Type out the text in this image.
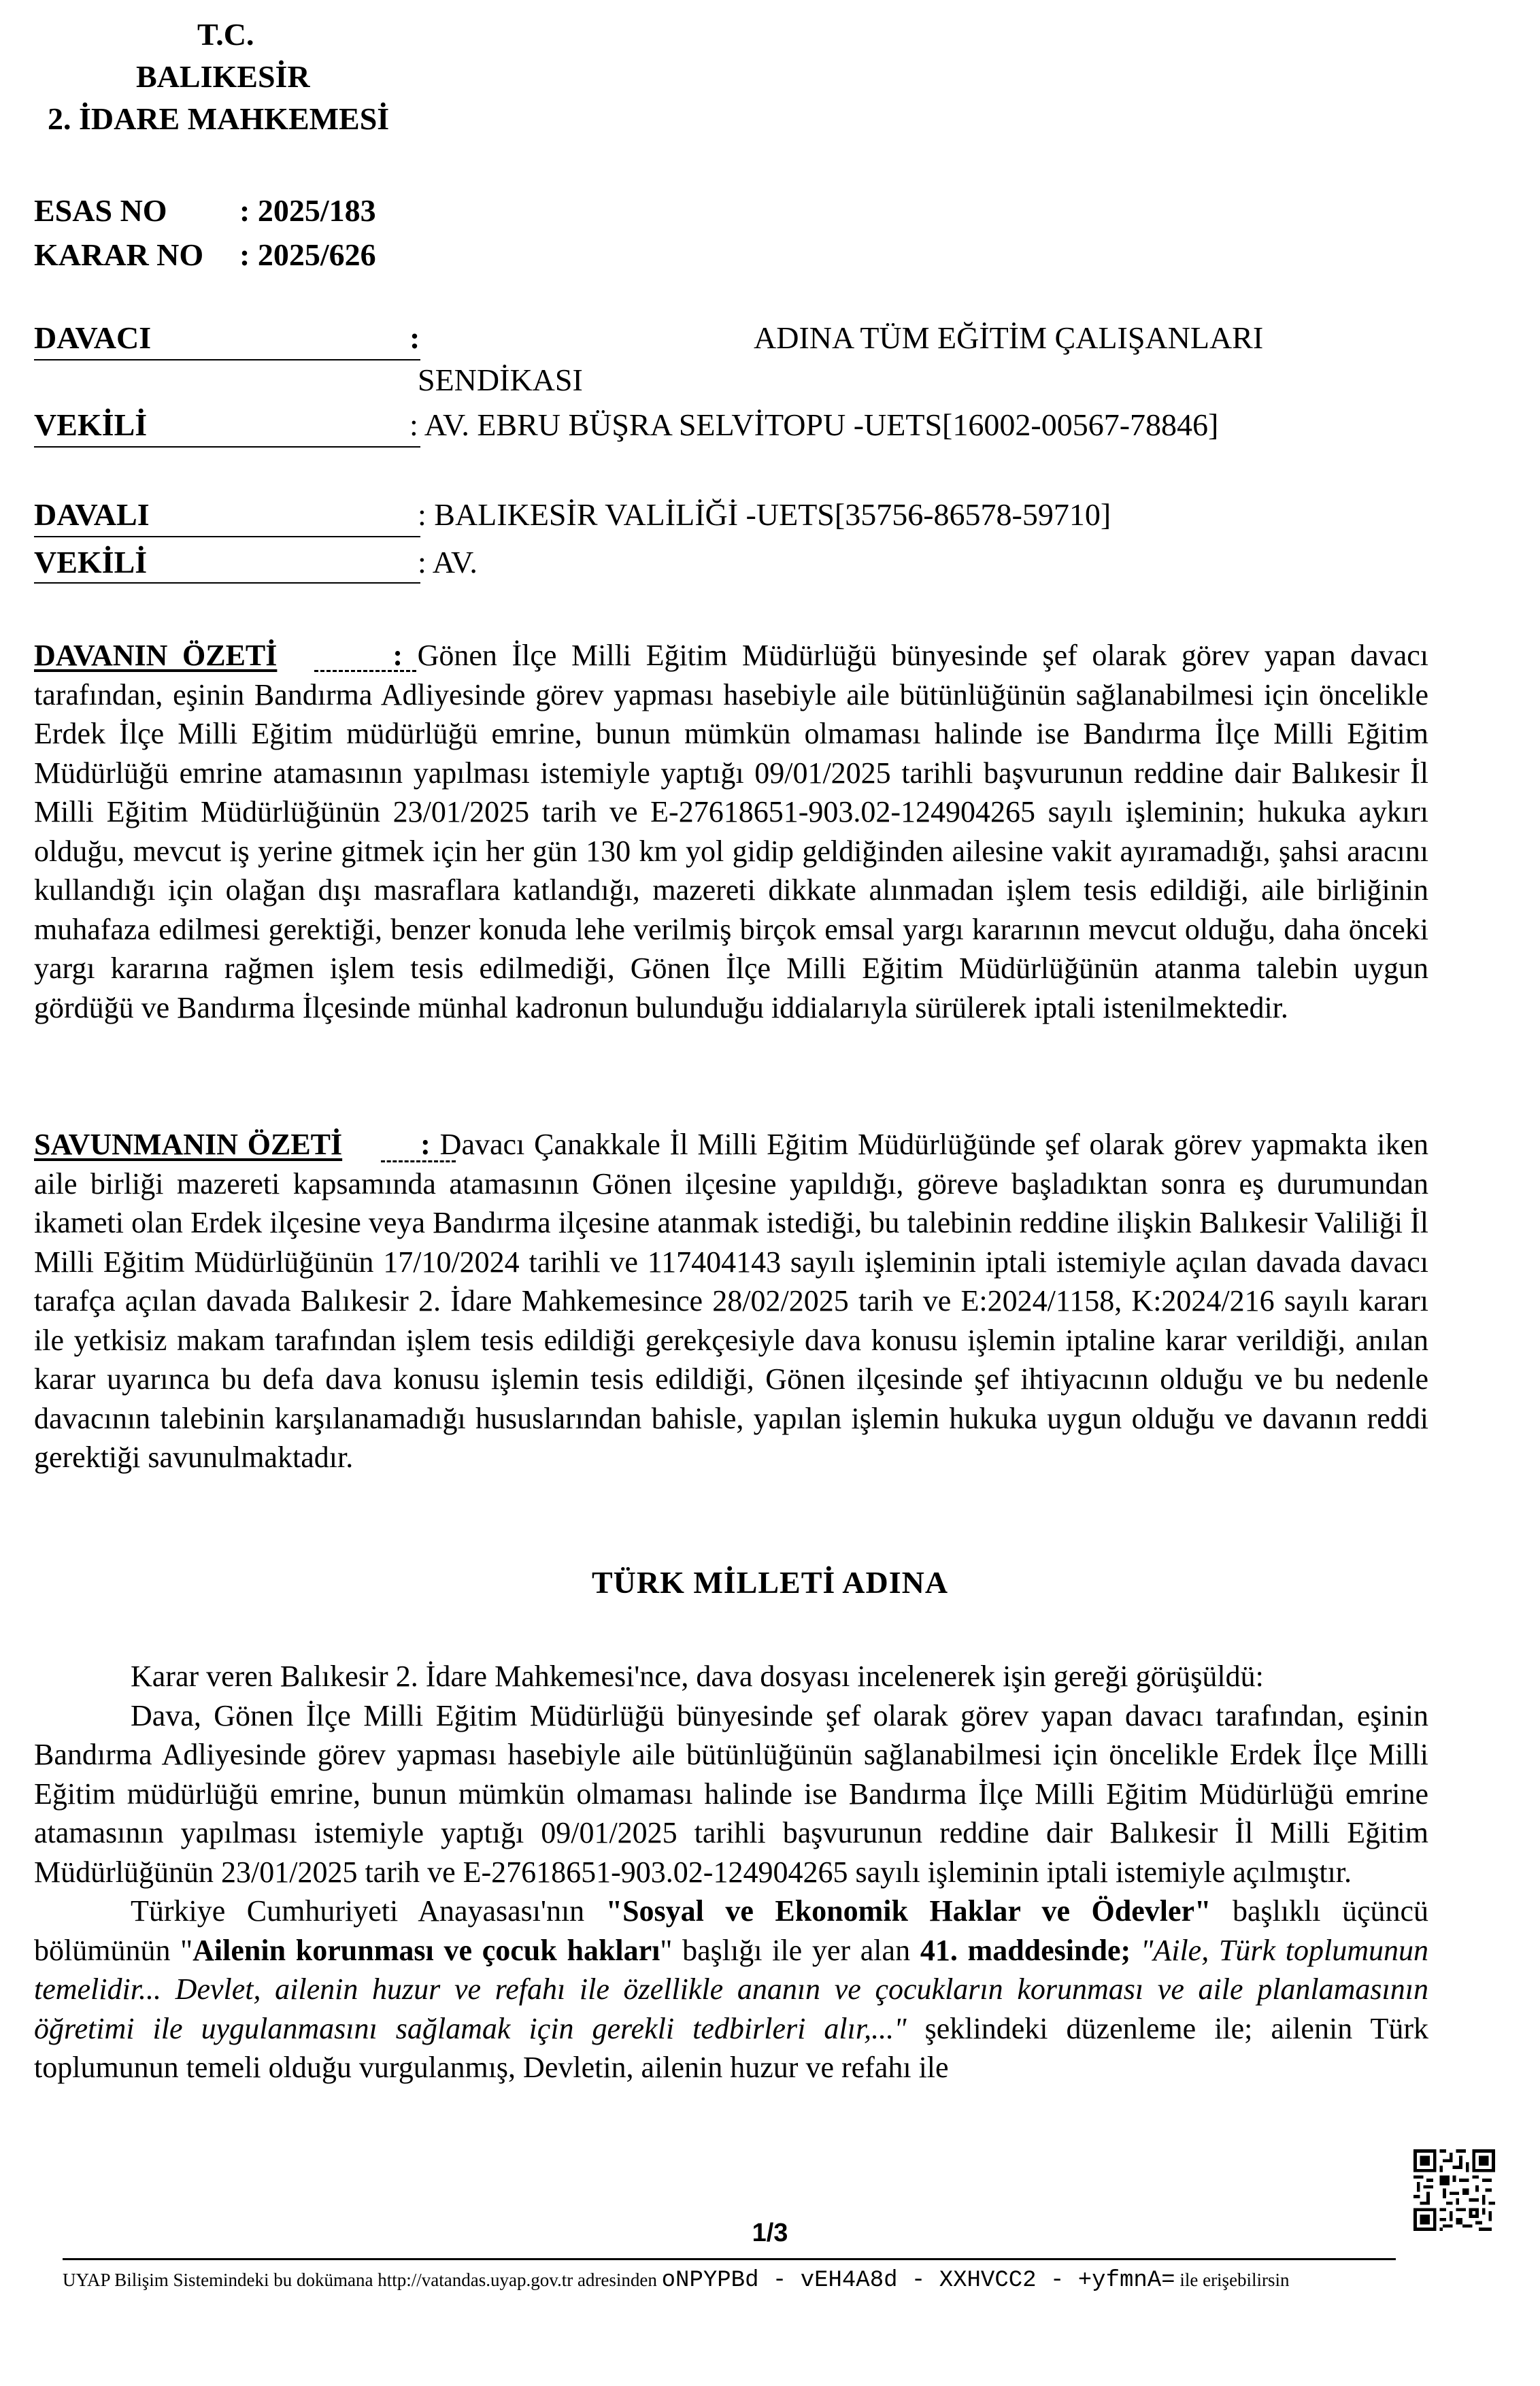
T.C.
BALIKESİR
2. İDARE MAHKEMESİ
ESAS NO : 2025/183
KARAR NO : 2025/626
DAVACI	:	ADINA TÜM EĞİTİM ÇALIŞANLARI
SENDİKASI
VEKİLİ	: AV. EBRU BÜŞRA SELVİTOPU -UETS[16002-00567-78846]
DAVALI	: BALIKESİR VALİLİĞİ -UETS[35756-86578-59710]
VEKİLİ	: AV.

DAVANIN ÖZETİ	: Gönen İlçe Milli Eğitim Müdürlüğü bünyesinde şef olarak görev yapan davacı tarafından, eşinin Bandırma Adliyesinde görev yapması hasebiyle aile bütünlüğünün sağlanabilmesi için öncelikle Erdek İlçe Milli Eğitim müdürlüğü emrine, bunun mümkün olmaması halinde ise Bandırma İlçe Milli Eğitim Müdürlüğü emrine atamasının yapılması istemiyle yaptığı 09/01/2025 tarihli başvurunun reddine dair Balıkesir İl Milli Eğitim Müdürlüğünün 23/01/2025 tarih ve E-27618651-903.02-124904265 sayılı işleminin; hukuka aykırı olduğu, mevcut iş yerine gitmek için her gün 130 km yol gidip geldiğinden ailesine vakit ayıramadığı, şahsi aracını kullandığı için olağan dışı masraflara katlandığı, mazereti dikkate alınmadan işlem tesis edildiği, aile birliğinin muhafaza edilmesi gerektiği, benzer konuda lehe verilmiş birçok emsal yargı kararının mevcut olduğu, daha önceki yargı kararına rağmen işlem tesis edilmediği, Gönen İlçe Milli Eğitim Müdürlüğünün atanma talebin uygun gördüğü ve Bandırma İlçesinde münhal kadronun bulunduğu iddialarıyla sürülerek iptali istenilmektedir.

SAVUNMANIN ÖZETİ	: Davacı Çanakkale İl Milli Eğitim Müdürlüğünde şef olarak görev yapmakta iken aile birliği mazereti kapsamında atamasının Gönen ilçesine yapıldığı, göreve başladıktan sonra eş durumundan ikameti olan Erdek ilçesine veya Bandırma ilçesine atanmak istediği, bu talebinin reddine ilişkin Balıkesir Valiliği İl Milli Eğitim Müdürlüğünün 17/10/2024 tarihli ve 117404143 sayılı işleminin iptali istemiyle açılan davada davacı tarafça açılan davada Balıkesir 2. İdare Mahkemesince 28/02/2025 tarih ve E:2024/1158, K:2024/216 sayılı kararı ile yetkisiz makam tarafından işlem tesis edildiği gerekçesiyle dava konusu işlemin iptaline karar verildiği, anılan karar uyarınca bu defa dava konusu işlemin tesis edildiği, Gönen ilçesinde şef ihtiyacının olduğu ve bu nedenle davacının talebinin karşılanamadığı hususlarından bahisle, yapılan işlemin hukuka uygun olduğu ve davanın reddi gerektiği savunulmaktadır.

TÜRK MİLLETİ ADINA

Karar veren Balıkesir 2. İdare Mahkemesi'nce, dava dosyası incelenerek işin gereği görüşüldü:

Dava, Gönen İlçe Milli Eğitim Müdürlüğü bünyesinde şef olarak görev yapan davacı tarafından, eşinin Bandırma Adliyesinde görev yapması hasebiyle aile bütünlüğünün sağlanabilmesi için öncelikle Erdek İlçe Milli Eğitim müdürlüğü emrine, bunun mümkün olmaması halinde ise Bandırma İlçe Milli Eğitim Müdürlüğü emrine atamasının yapılması istemiyle yaptığı 09/01/2025 tarihli başvurunun reddine dair Balıkesir İl Milli Eğitim Müdürlüğünün 23/01/2025 tarih ve E-27618651-903.02-124904265 sayılı işleminin iptali istemiyle açılmıştır.

Türkiye Cumhuriyeti Anayasası'nın "Sosyal ve Ekonomik Haklar ve Ödevler" başlıklı üçüncü bölümünün "Ailenin korunması ve çocuk hakları" başlığı ile yer alan 41. maddesinde; "Aile, Türk toplumunun temelidir... Devlet, ailenin huzur ve refahı ile özellikle ananın ve çocukların korunması ve aile planlamasının öğretimi ile uygulanmasını sağlamak için gerekli tedbirleri alır,..." şeklindeki düzenleme ile; ailenin Türk toplumunun temeli olduğu vurgulanmış, Devletin, ailenin huzur ve refahı ile

1/3
UYAP Bilişim Sistemindeki bu dokümana http://vatandas.uyap.gov.tr adresinden oNPYPBd - vEH4A8d - XXHVCC2 - +yfmnA= ile erişebilirsin
